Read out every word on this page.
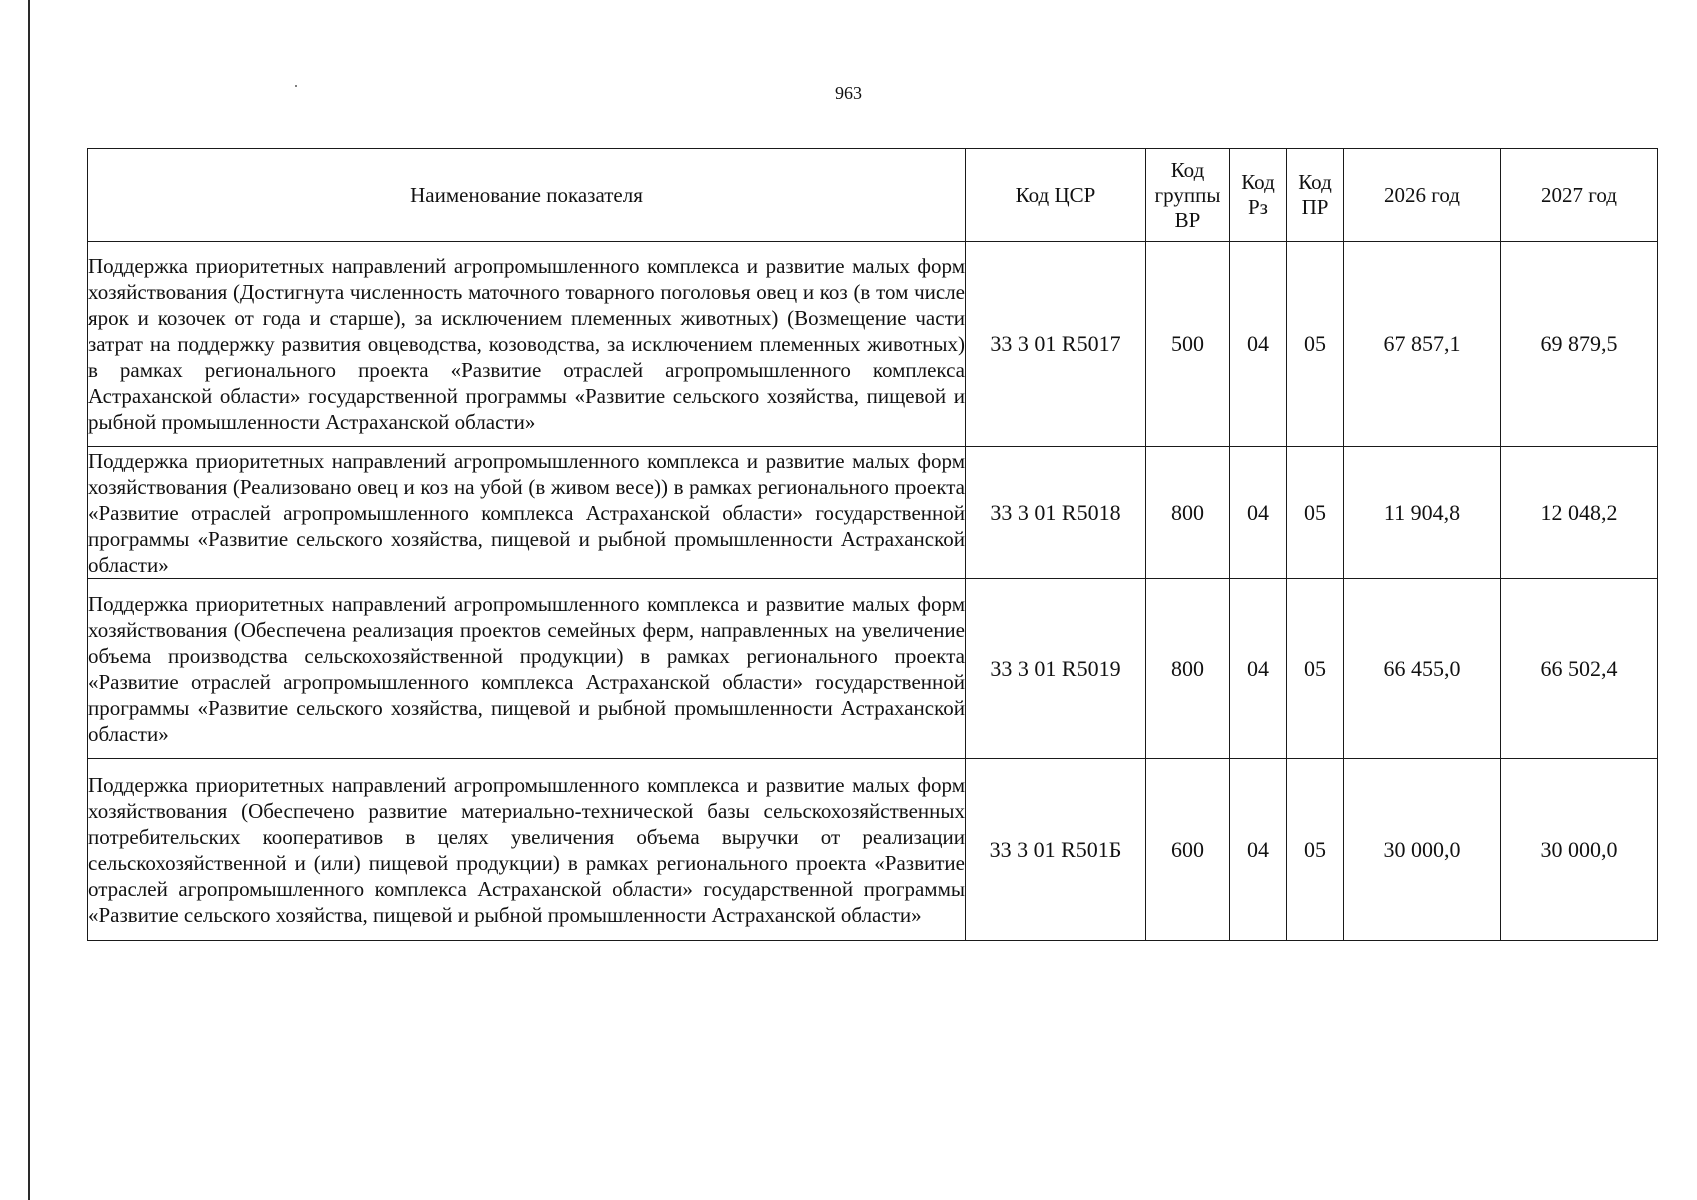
963
Наименование показателя	Код ЦСР	Код группы ВР	Код Рз	Код ПР	2026 год	2027 год
Поддержка приоритетных направлений агропромышленного комплекса и развитие малых форм хозяйствования (Достигнута численность маточного товарного поголовья овец и коз (в том числе ярок и козочек от года и старше), за исключением племенных животных) (Возмещение части затрат на поддержку развития овцеводства, козоводства, за исключением племенных животных) в рамках регионального проекта «Развитие отраслей агропромышленного комплекса Астраханской области» государственной программы «Развитие сельского хозяйства, пищевой и рыбной промышленности Астраханской области»	33 3 01 R5017	500	04	05	67 857,1	69 879,5
Поддержка приоритетных направлений агропромышленного комплекса и развитие малых форм хозяйствования (Реализовано овец и коз на убой (в живом весе)) в рамках регионального проекта «Развитие отраслей агропромышленного комплекса Астраханской области» государственной программы «Развитие сельского хозяйства, пищевой и рыбной промышленности Астраханской области»	33 3 01 R5018	800	04	05	11 904,8	12 048,2
Поддержка приоритетных направлений агропромышленного комплекса и развитие малых форм хозяйствования (Обеспечена реализация проектов семейных ферм, направленных на увеличение объема производства сельскохозяйственной продукции) в рамках регионального проекта «Развитие отраслей агропромышленного комплекса Астраханской области» государственной программы «Развитие сельского хозяйства, пищевой и рыбной промышленности Астраханской области»	33 3 01 R5019	800	04	05	66 455,0	66 502,4
Поддержка приоритетных направлений агропромышленного комплекса и развитие малых форм хозяйствования (Обеспечено развитие материально-технической базы сельскохозяйственных потребительских кооперативов в целях увеличения объема выручки от реализации сельскохозяйственной и (или) пищевой продукции) в рамках регионального проекта «Развитие отраслей агропромышленного комплекса Астраханской области» государственной программы «Развитие сельского хозяйства, пищевой и рыбной промышленности Астраханской области»	33 3 01 R501Б	600	04	05	30 000,0	30 000,0
